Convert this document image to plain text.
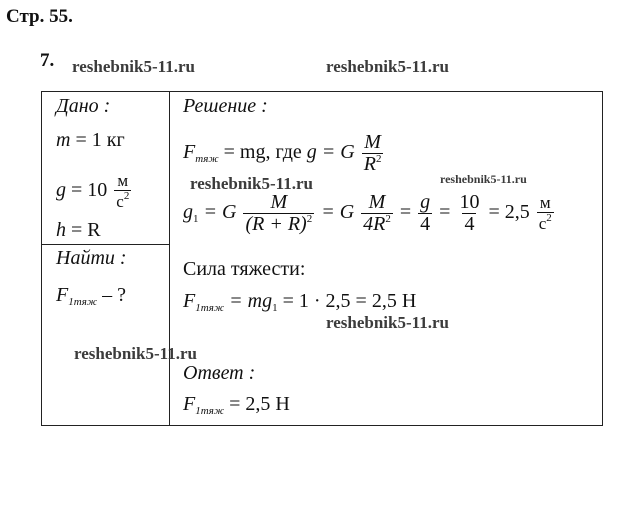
Стр. 55.
7. reshebnik5-11.ru	reshebnik5-11.ru
Дано :
m = 1 кг
$g = 10 \frac{м}{с^2}$
h = R
Найти :
$F_{1тяж}$ – ?
Решение :
$F_{тяж}$ = mg, где g = G $\frac{M}{R^2}$
reshebnik5-11.ru	reshebnik5-11.ru
$g_1 = G \frac{M}{(R + R)^2} = G \frac{M}{4R^2} = \frac{g}{4} = \frac{10}{4} = 2,5 \frac{м}{с^2}$
Сила тяжести:
$F_{1тяж} = mg_1 = 1 \cdot 2,5 = 2,5$ Н
reshebnik5-11.ru
reshebnik5-11.ru
Ответ :
$F_{1тяж} = 2,5$ Н
